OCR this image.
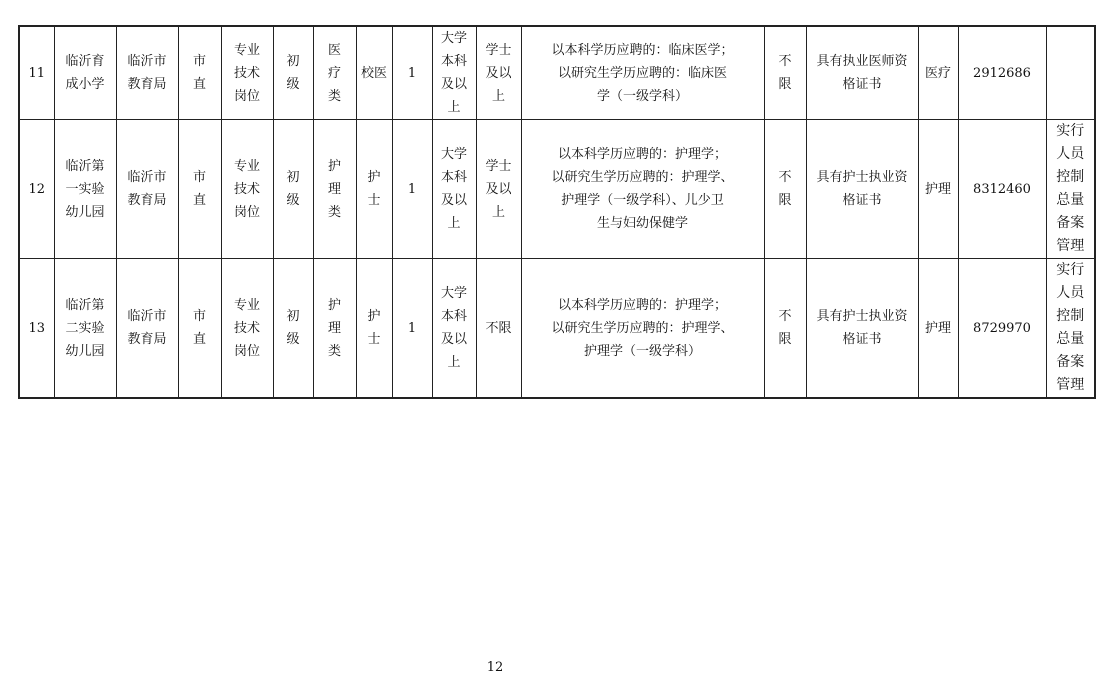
11	临沂育成小学	临沂市教育局	市直	专业技术岗位	初级	医疗类	校医	1	大学本科及以上	学士及以上	以本科学历应聘的：临床医学；
以研究生学历应聘的：临床医
学（一级学科）	不限	具有执业医师资格证书	医疗	2912686	
12	临沂第一实验幼儿园	临沂市教育局	市直	专业技术岗位	初级	护理类	护士	1	大学本科及以上	学士及以上	以本科学历应聘的：护理学；
以研究生学历应聘的：护理学、
护理学（一级学科）、儿少卫
生与妇幼保健学	不限	具有护士执业资格证书	护理	8312460	实行人员控制总量备案管理
13	临沂第二实验幼儿园	临沂市教育局	市直	专业技术岗位	初级	护理类	护士	1	大学本科及以上	不限	以本科学历应聘的：护理学；
以研究生学历应聘的：护理学、
护理学（一级学科）	不限	具有护士执业资格证书	护理	8729970	实行人员控制总量备案管理
12
